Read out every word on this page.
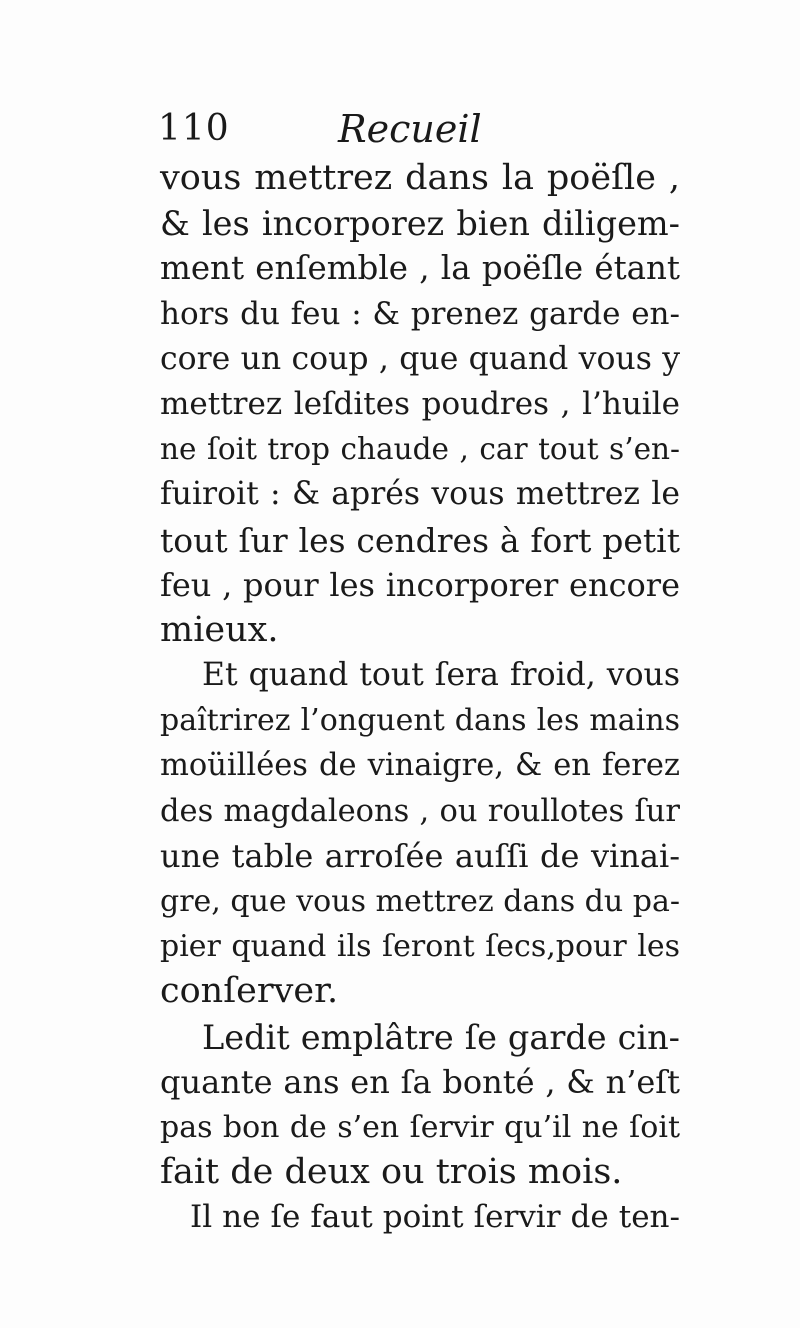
110	Recueil
vous mettrez dans la poëſle ,
& les incorporez bien diligem-
ment enſemble , la poëſle étant
hors du feu : & prenez garde en-
core un coup , que quand vous y
mettrez leſdites poudres , l’huile
ne ſoit trop chaude , car tout s’en-
fuiroit : & aprés vous mettrez le
tout ſur les cendres à fort petit
feu , pour les incorporer encore
mieux.
Et quand tout ſera froid, vous
paîtrirez l’onguent dans les mains
moüillées de vinaigre, & en ferez
des magdaleons , ou roullotes ſur
une table arroſée auſſi de vinai-
gre, que vous mettrez dans du pa-
pier quand ils ſeront ſecs,pour les
conſerver.
Ledit emplâtre ſe garde cin-
quante ans en ſa bonté , & n’eſt
pas bon de s’en ſervir qu’il ne ſoit
fait de deux ou trois mois.
Il ne ſe faut point ſervir de ten-
